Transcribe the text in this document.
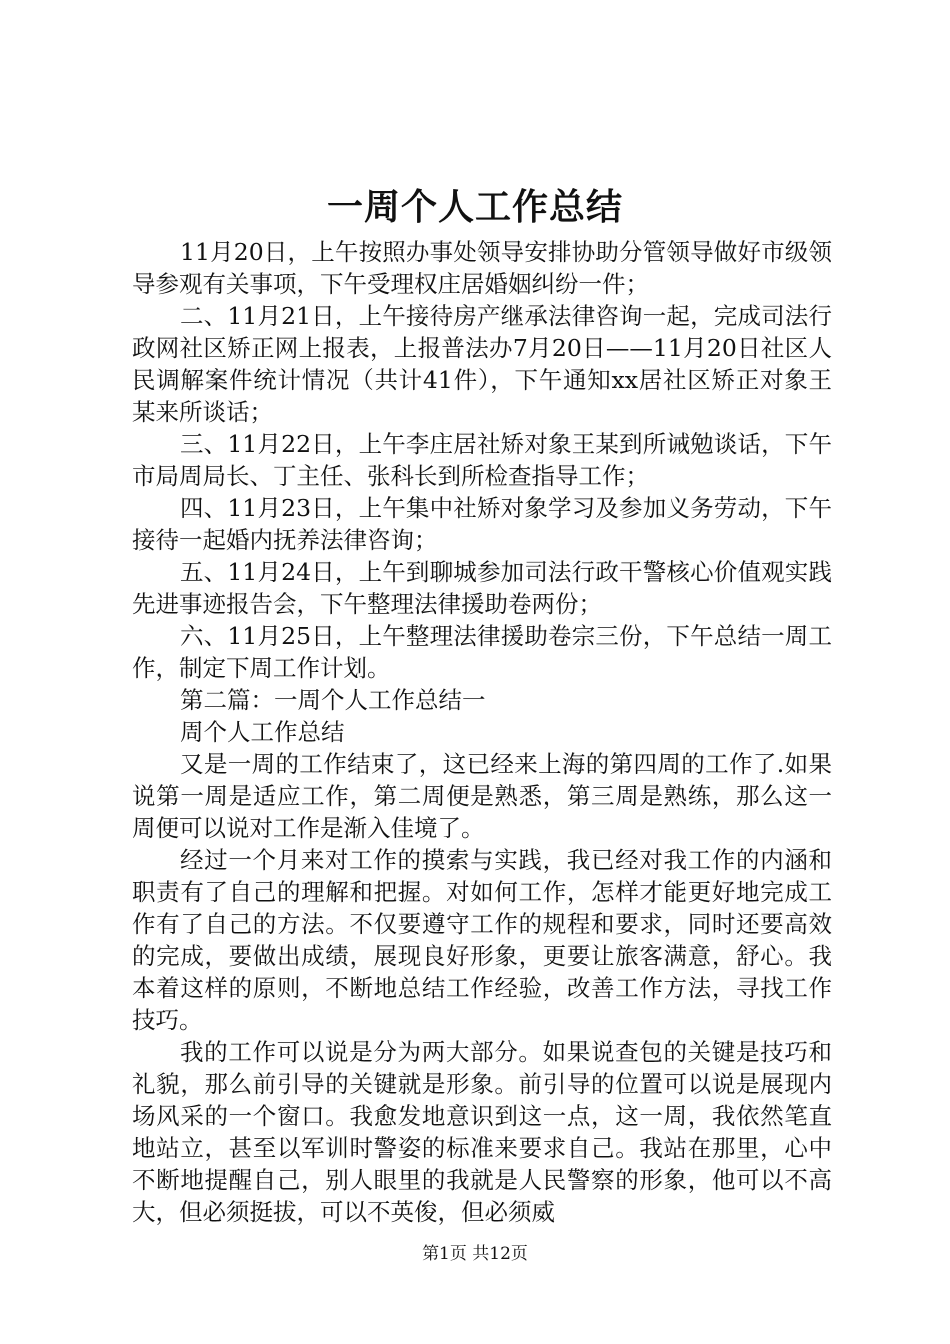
一周个人工作总结

11月20日，上午按照办事处领导安排协助分管领导做好市级领导参观有关事项，下午受理权庄居婚姻纠纷一件；

二、11月21日，上午接待房产继承法律咨询一起，完成司法行政网社区矫正网上报表，上报普法办7月20日——11月20日社区人民调解案件统计情况（共计41件），下午通知xx居社区矫正对象王某来所谈话；

三、11月22日，上午李庄居社矫对象王某到所诫勉谈话，下午市局周局长、丁主任、张科长到所检查指导工作；

四、11月23日，上午集中社矫对象学习及参加义务劳动，下午接待一起婚内抚养法律咨询；

五、11月24日，上午到聊城参加司法行政干警核心价值观实践先进事迹报告会，下午整理法律援助卷两份；

六、11月25日，上午整理法律援助卷宗三份，下午总结一周工作，制定下周工作计划。

第二篇：一周个人工作总结一

周个人工作总结

又是一周的工作结束了，这已经来上海的第四周的工作了.如果说第一周是适应工作，第二周便是熟悉，第三周是熟练，那么这一周便可以说对工作是渐入佳境了。

经过一个月来对工作的摸索与实践，我已经对我工作的内涵和职责有了自己的理解和把握。对如何工作，怎样才能更好地完成工作有了自己的方法。不仅要遵守工作的规程和要求，同时还要高效的完成，要做出成绩，展现良好形象，更要让旅客满意，舒心。我本着这样的原则，不断地总结工作经验，改善工作方法，寻找工作技巧。

我的工作可以说是分为两大部分。如果说查包的关键是技巧和礼貌，那么前引导的关键就是形象。前引导的位置可以说是展现内场风采的一个窗口。我愈发地意识到这一点，这一周，我依然笔直地站立，甚至以军训时警姿的标准来要求自己。我站在那里，心中不断地提醒自己，别人眼里的我就是人民警察的形象，他可以不高大，但必须挺拔，可以不英俊，但必须威

第1页 共12页
